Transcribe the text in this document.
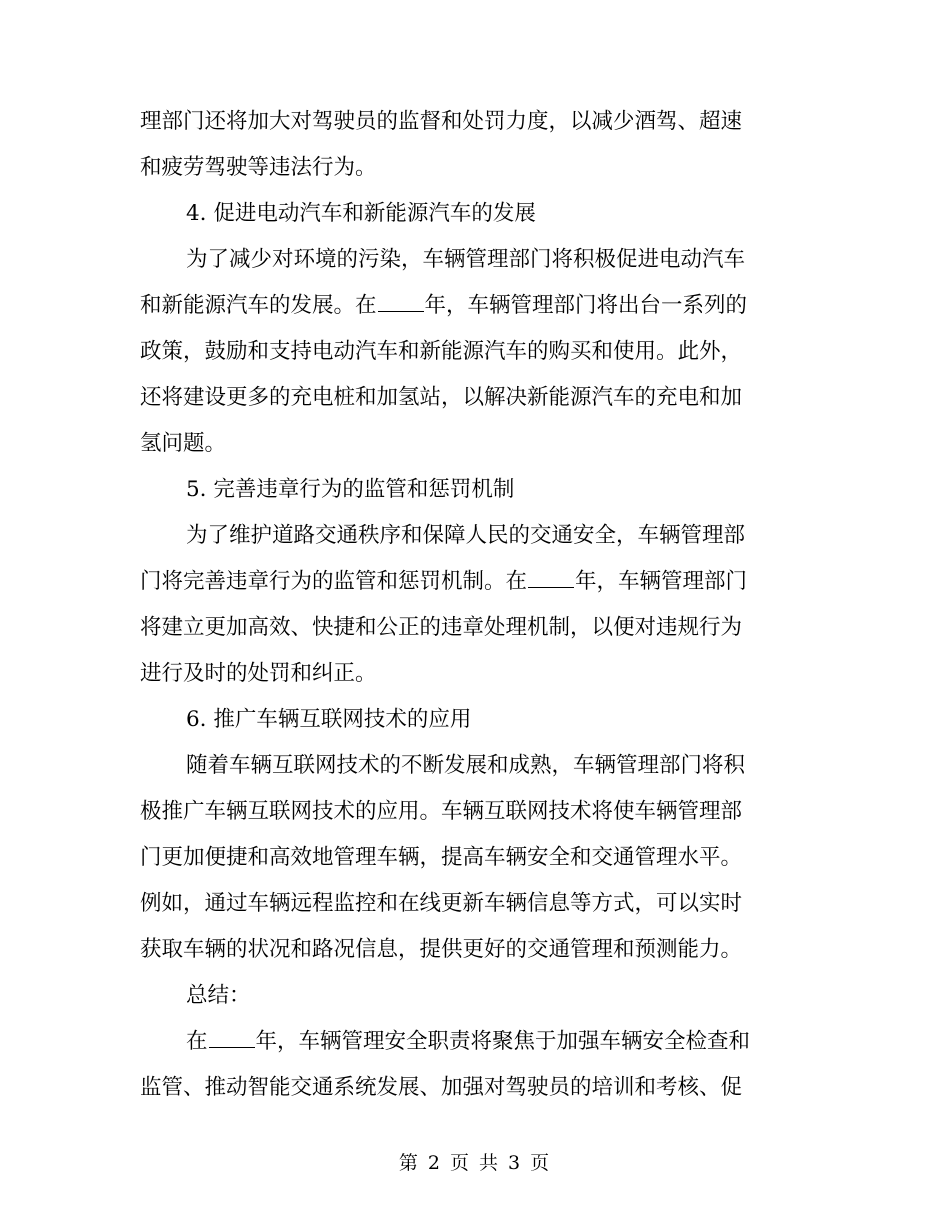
理部门还将加大对驾驶员的监督和处罚力度，以减少酒驾、超速
和疲劳驾驶等违法行为。
4. 促进电动汽车和新能源汽车的发展
为了减少对环境的污染，车辆管理部门将积极促进电动汽车
和新能源汽车的发展。在 年，车辆管理部门将出台一系列的
政策，鼓励和支持电动汽车和新能源汽车的购买和使用。此外，
还将建设更多的充电桩和加氢站，以解决新能源汽车的充电和加
氢问题。
5. 完善违章行为的监管和惩罚机制
为了维护道路交通秩序和保障人民的交通安全，车辆管理部
门将完善违章行为的监管和惩罚机制。在 年，车辆管理部门
将建立更加高效、快捷和公正的违章处理机制，以便对违规行为
进行及时的处罚和纠正。
6. 推广车辆互联网技术的应用
随着车辆互联网技术的不断发展和成熟，车辆管理部门将积
极推广车辆互联网技术的应用。车辆互联网技术将使车辆管理部
门更加便捷和高效地管理车辆，提高车辆安全和交通管理水平。
例如，通过车辆远程监控和在线更新车辆信息等方式，可以实时
获取车辆的状况和路况信息，提供更好的交通管理和预测能力。
总结：
在 年，车辆管理安全职责将聚焦于加强车辆安全检查和
监管、推动智能交通系统发展、加强对驾驶员的培训和考核、促
第 2 页 共 3 页
